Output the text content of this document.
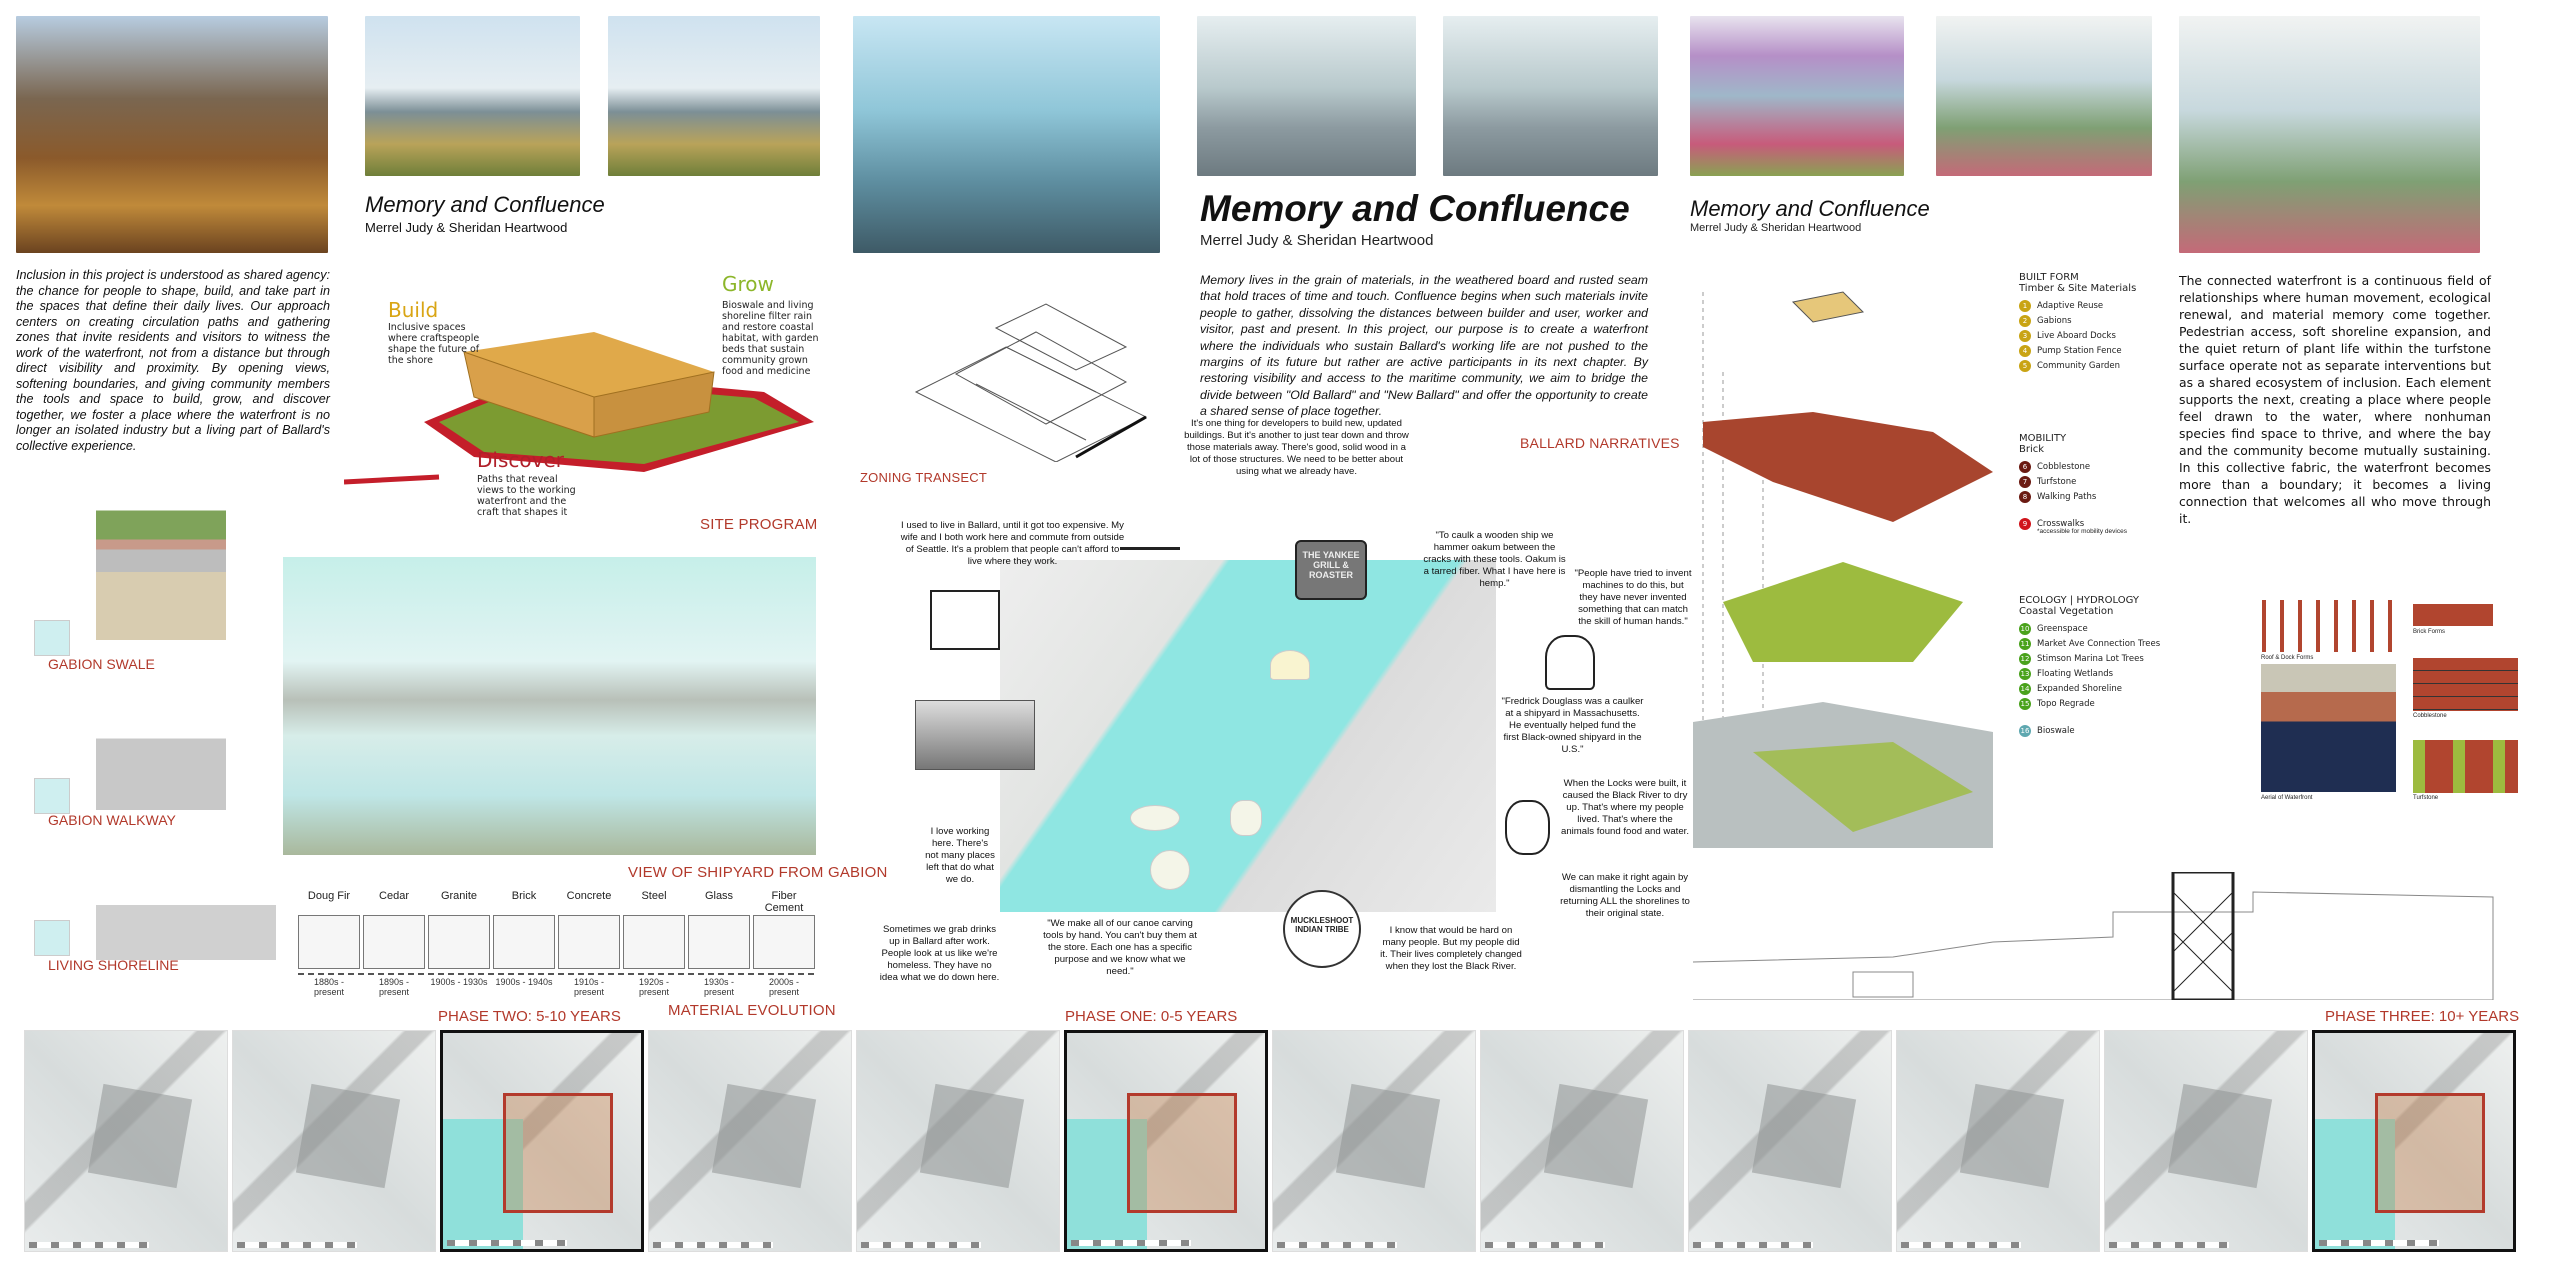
Memory and Confluence
Merrel Judy & Sheridan Heartwood	Memory and Confluence
Merrel Judy & Sheridan Heartwood
Memory and Confluence
Merrel Judy & Sheridan Heartwood

Inclusion in this project is understood as shared agency: the chance for people to shape, build, and take part in the spaces that define their daily lives. Our approach centers on creating circulation paths and gathering zones that invite residents and visitors to witness the work of the waterfront, not from a distance but through direct visibility and proximity. By opening views, softening boundaries, and giving community members the tools and space to build, grow, and discover together, we foster a place where the waterfront is no longer an isolated industry but a living part of Ballard's collective experience.

Build
Inclusive spaces where craftspeople shape the future of the shore
Grow
Bioswale and living shoreline filter rain and restore coastal habitat, with garden beds that sustain community grown food and medicine
Discover
Paths that reveal views to the working waterfront and the craft that shapes it
SITE PROGRAM
GABION SWALE
GABION WALKWAY
LIVING SHORELINE
VIEW OF SHIPYARD FROM GABION
Doug Fir
1880s - present
Cedar
1890s - present
Granite
1900s - 1930s
Brick
1900s - 1940s
Concrete
1910s - present
Steel
1920s - present
Glass
1930s - present
Fiber Cement
2000s - present
MATERIAL EVOLUTION
ZONING TRANSECT

Memory lives in the grain of materials, in the weathered board and rusted seam that hold traces of time and touch. Confluence begins when such materials invite people to gather, dissolving the distances between builder and user, worker and visitor, past and present. In this project, our purpose is to create a waterfront where the individuals who sustain Ballard's working life are not pushed to the margins of its future but rather are active participants in its next chapter. By restoring visibility and access to the maritime community, we aim to bridge the divide between "Old Ballard" and "New Ballard" and offer the opportunity to create a shared sense of place together.

BALLARD NARRATIVES
THE YANKEE GRILL & ROASTER
MUCKLESHOOT INDIAN TRIBE

It's one thing for developers to build new, updated buildings. But it's another to just tear down and throw those materials away. There's good, solid wood in a lot of those structures. We need to be better about using what we already have.

I used to live in Ballard, until it got too expensive. My wife and I both work here and commute from outside of Seattle. It's a problem that people can't afford to live where they work.

"To caulk a wooden ship we hammer oakum between the cracks with these tools. Oakum is a tarred fiber. What I have here is hemp."

"People have tried to invent machines to do this, but they have never invented something that can match the skill of human hands."

"Fredrick Douglass was a caulker at a shipyard in Massachusetts. He eventually helped fund the first Black-owned shipyard in the U.S."

When the Locks were built, it caused the Black River to dry up. That's where my people lived. That's where the animals found food and water.

We can make it right again by dismantling the Locks and returning ALL the shorelines to their original state.

I know that would be hard on many people. But my people did it. Their lives completely changed when they lost the Black River.

"We make all of our canoe carving tools by hand. You can't buy them at the store. Each one has a specific purpose and we know what we need."

Sometimes we grab drinks up in Ballard after work. People look at us like we're homeless. They have no idea what we do down here.

I love working here. There's not many places left that do what we do.

BUILT FORM
Timber & Site Materials
1	Adaptive Reuse
2	Gabions
3	Live Aboard Docks
4	Pump Station Fence
5	Community Garden
MOBILITY
Brick
6	Cobblestone
7	Turfstone
8	Walking Paths
9	Crosswalks
*accessible for mobility devices
ECOLOGY | HYDROLOGY
Coastal Vegetation
10 Greenspace
11 Market Ave Connection Trees
12 Stimson Marina Lot Trees
13 Floating Wetlands
14 Expanded Shoreline
15 Topo Regrade
16 Bioswale

The connected waterfront is a continuous field of relationships where human movement, ecological renewal, and material memory come together. Pedestrian access, soft shoreline expansion, and the quiet return of plant life within the turfstone surface operate not as separate interventions but as a shared ecosystem of inclusion. Each element supports the next, creating a place where people feel drawn to the water, where nonhuman species find space to thrive, and where the bay and the community become mutually sustaining. In this collective fabric, the waterfront becomes more than a boundary; it becomes a living connection that welcomes all who move through it.

Roof & Dock Forms
Brick Forms
Aerial of Waterfront
Cobblestone
Turfstone
PHASE TWO: 5-10 YEARS	PHASE ONE: 0-5 YEARS	PHASE THREE: 10+ YEARS
